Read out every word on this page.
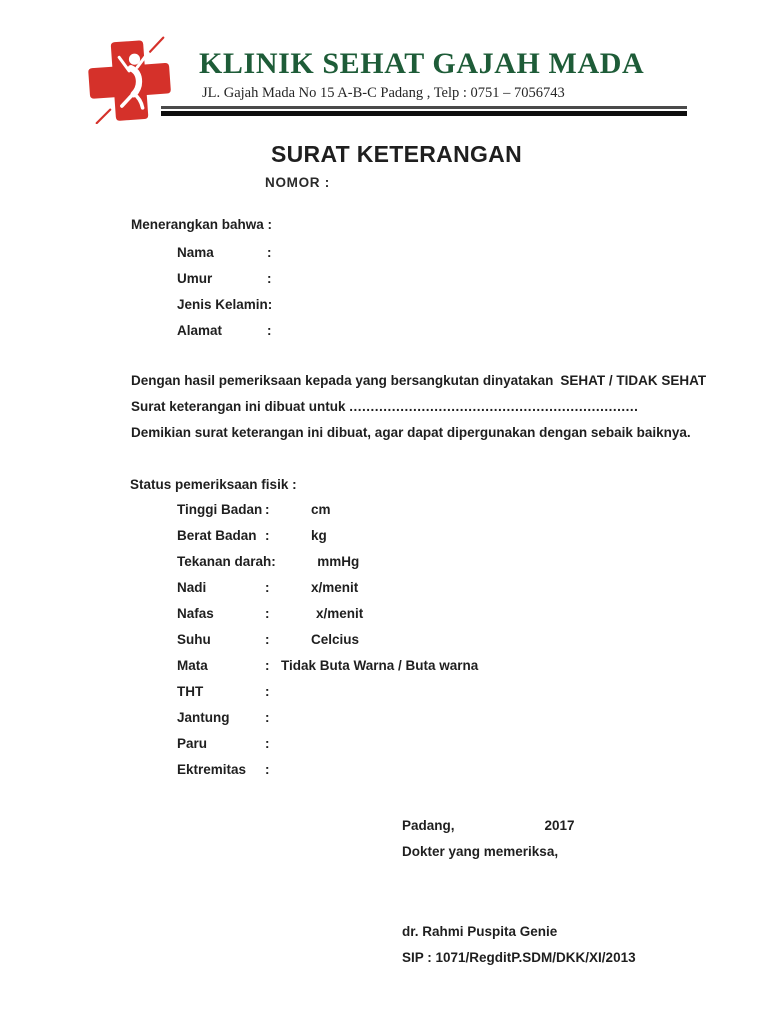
KLINIK SEHAT GAJAH MADA
JL. Gajah Mada No 15 A-B-C Padang , Telp : 0751 – 7056743
SURAT KETERANGAN
NOMOR :
Menerangkan bahwa :
Nama	:
Umur	:
Jenis Kelamin :
Alamat	:
Dengan hasil pemeriksaan kepada yang bersangkutan dinyatakan SEHAT / TIDAK SEHAT
Surat keterangan ini dibuat untuk ....................................................................
Demikian surat keterangan ini dibuat, agar dapat dipergunakan dengan sebaik baiknya.
Status pemeriksaan fisik :
Tinggi Badan :	cm
Berat Badan :	kg
Tekanan darah :	mmHg
Nadi	:	x/menit
Nafas	:	x/menit
Suhu	:	Celcius
Mata	: Tidak Buta Warna / Buta warna
THT	:
Jantung	:
Paru	:
Ektremitas	:
Padang,	2017
Dokter yang memeriksa,
dr. Rahmi Puspita Genie
SIP : 1071/RegditP.SDM/DKK/XI/2013
